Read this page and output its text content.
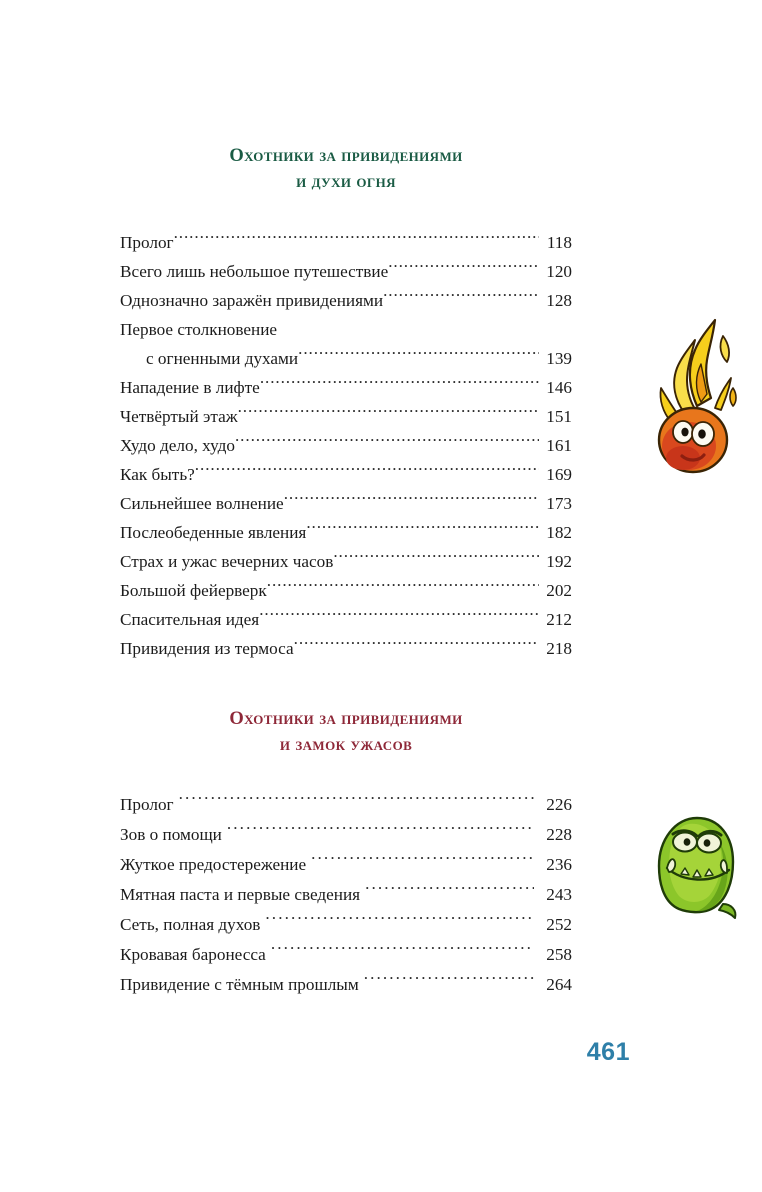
Охотники за привидениями
и духи огня
Пролог .....	118
Всего лишь небольшое путешествие .....	120
Однозначно заражён привидениями .....	128
Первое столкновение
с огненными духами .....	139
Нападение в лифте .....	146
Четвёртый этаж .....	151
Худо дело, худо .....	161
Как быть? .....	169
Сильнейшее волнение .....	173
Послеобеденные явления .....	182
Страх и ужас вечерних часов .....	192
Большой фейерверк .....	202
Спасительная идея .....	212
Привидения из термоса .....	218
Охотники за привидениями
и замок ужасов
Пролог .....	226
Зов о помощи .....	228
Жуткое предостережение .....	236
Мятная паста и первые сведения .....	243
Сеть, полная духов .....	252
Кровавая баронесса .....	258
Привидение с тёмным прошлым .....	264
461
